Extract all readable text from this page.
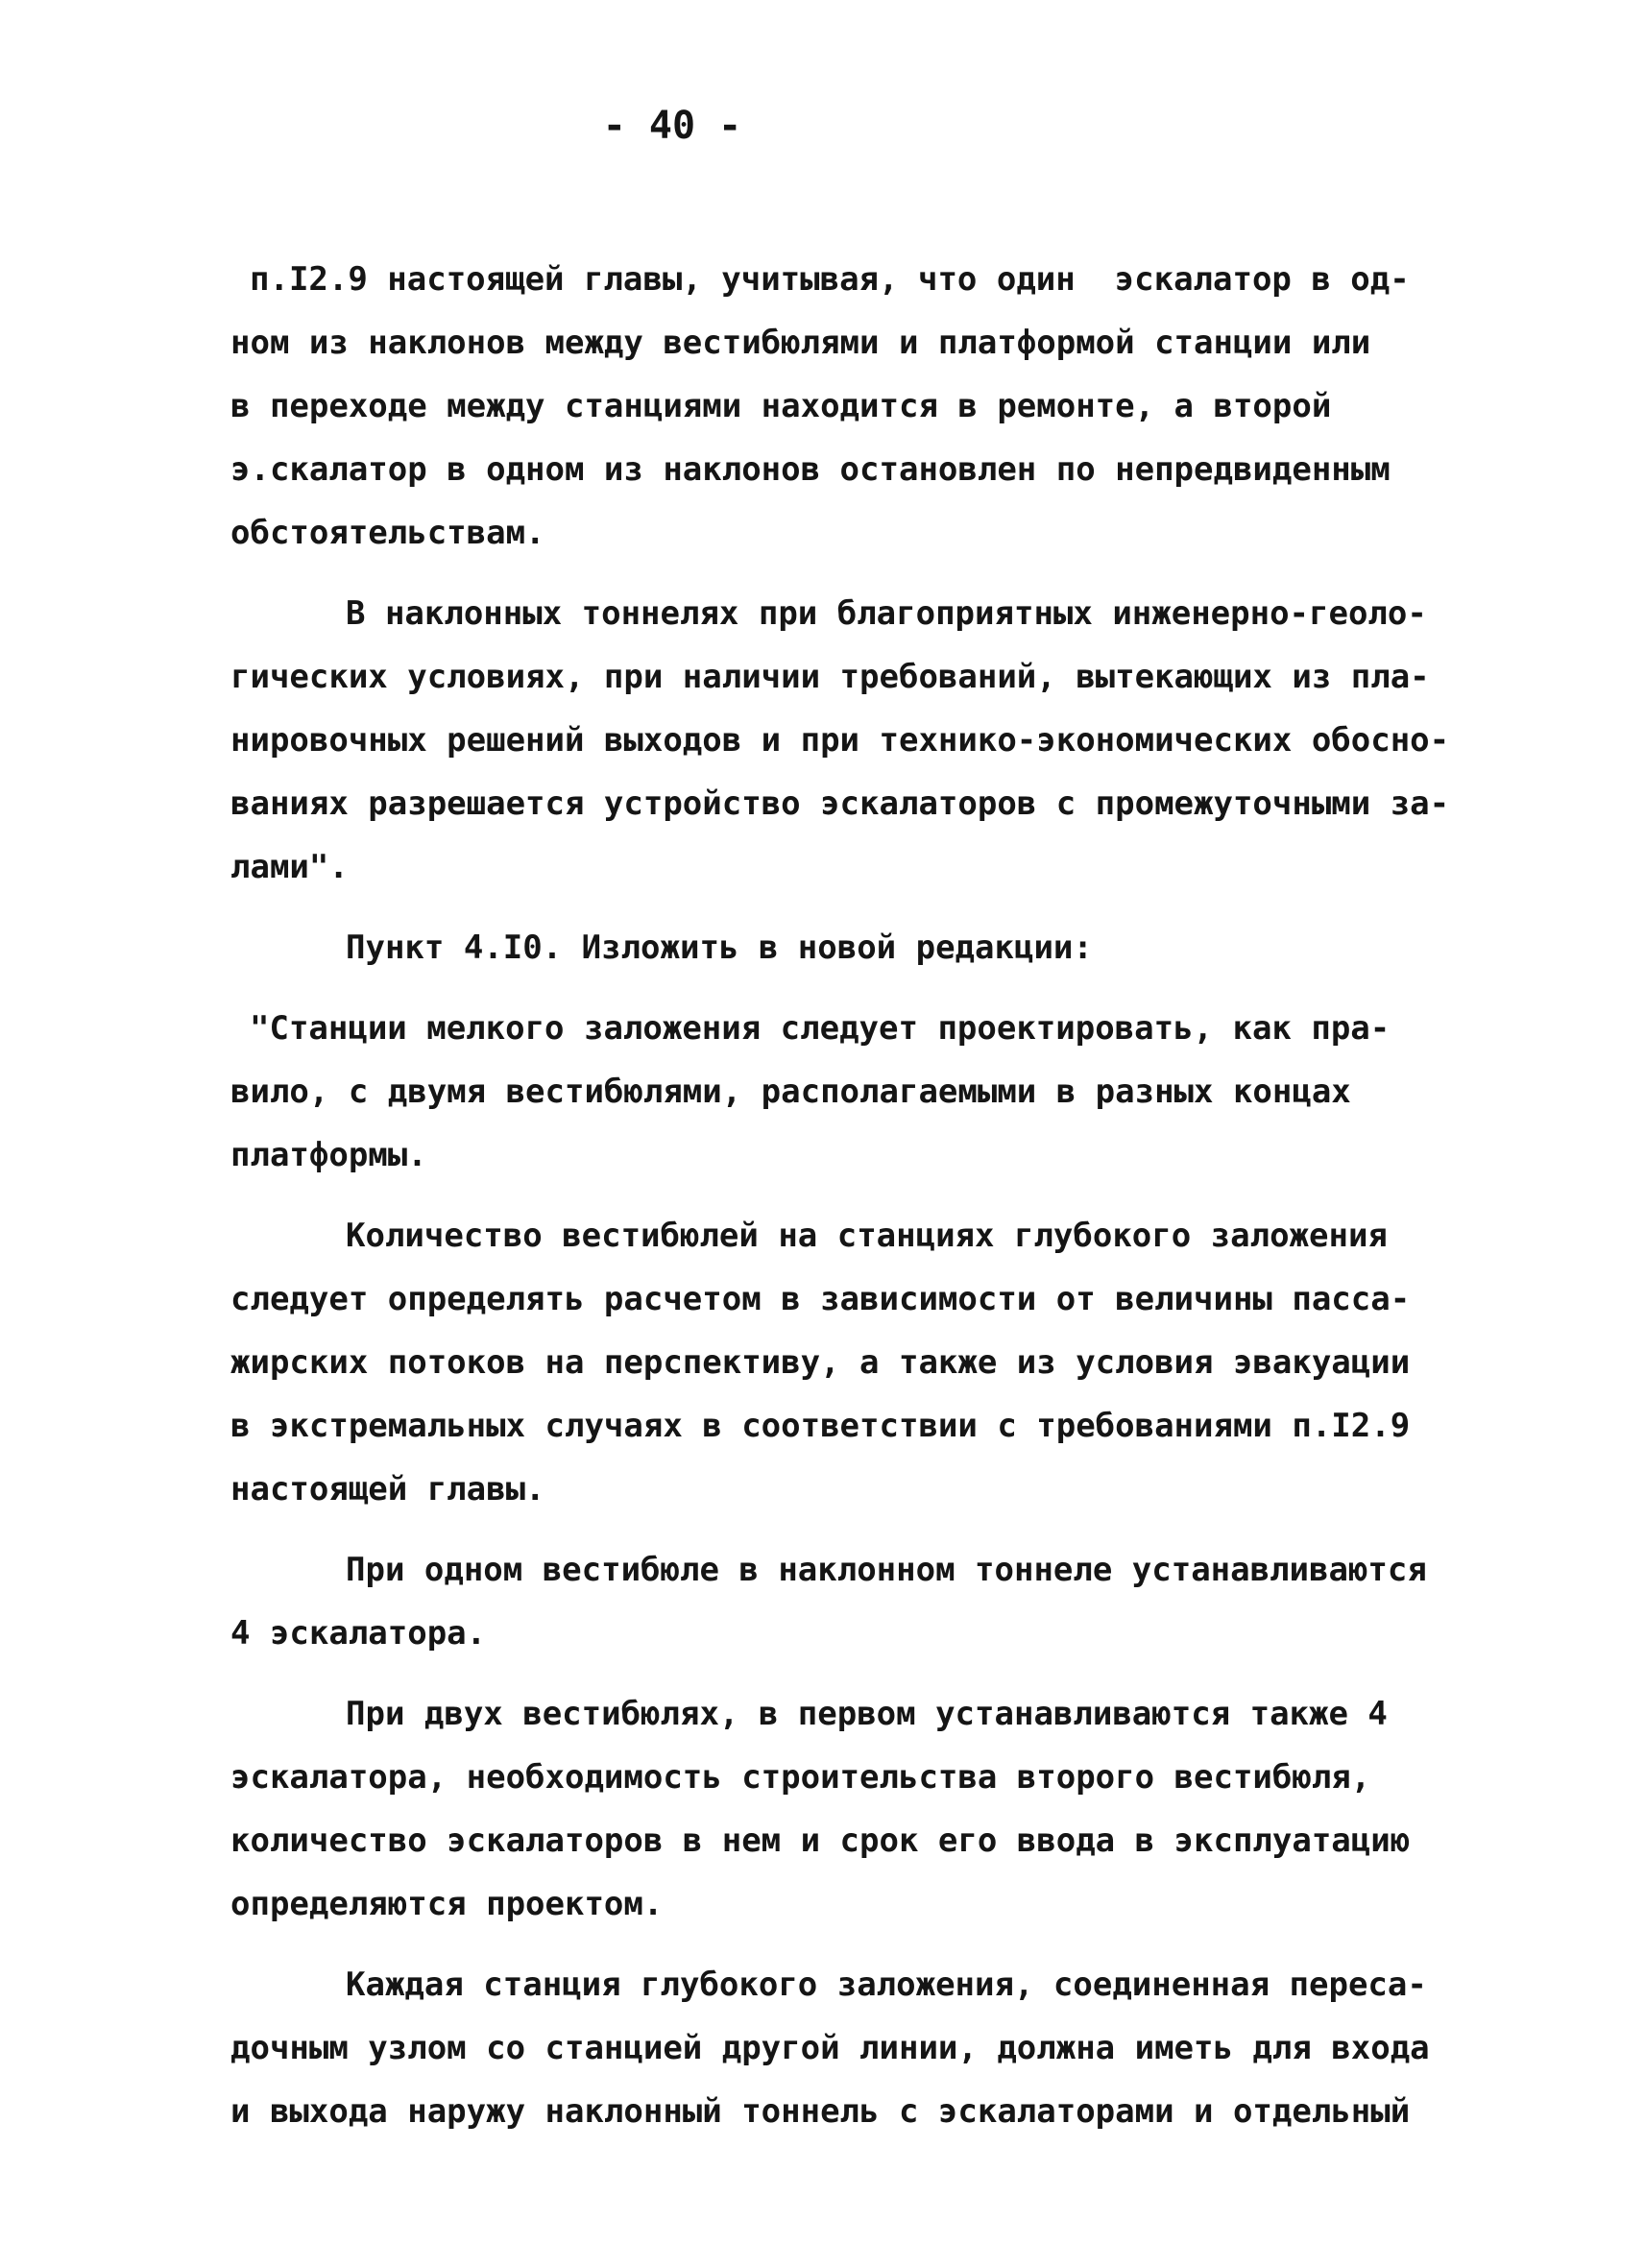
- 40 -
п.I2.9 настоящей главы, учитывая, что один  эскалатор в од-
ном из наклонов между вестибюлями и платформой станции или
в переходе между станциями находится в ремонте, а второй
э.скалатор в одном из наклонов остановлен по непредвиденным
обстоятельствам.
В наклонных тоннелях при благоприятных инженерно-геоло-
гических условиях, при наличии требований, вытекающих из пла-
нировочных решений выходов и при технико-экономических обосно-
ваниях разрешается устройство эскалаторов с промежуточными за-
лами".
Пункт 4.I0. Изложить в новой редакции:
"Станции мелкого заложения следует проектировать, как пра-
вило, с двумя вестибюлями, располагаемыми в разных концах
платформы.
Количество вестибюлей на станциях глубокого заложения
следует определять расчетом в зависимости от величины пасса-
жирских потоков на перспективу, а также из условия эвакуации
в экстремальных случаях в соответствии с требованиями п.I2.9
настоящей главы.
При одном вестибюле в наклонном тоннеле устанавливаются
4 эскалатора.
При двух вестибюлях, в первом устанавливаются также 4
эскалатора, необходимость строительства второго вестибюля,
количество эскалаторов в нем и срок его ввода в эксплуатацию
определяются проектом.
Каждая станция глубокого заложения, соединенная переса-
дочным узлом со станцией другой линии, должна иметь для входа
и выхода наружу наклонный тоннель с эскалаторами и отдельный
